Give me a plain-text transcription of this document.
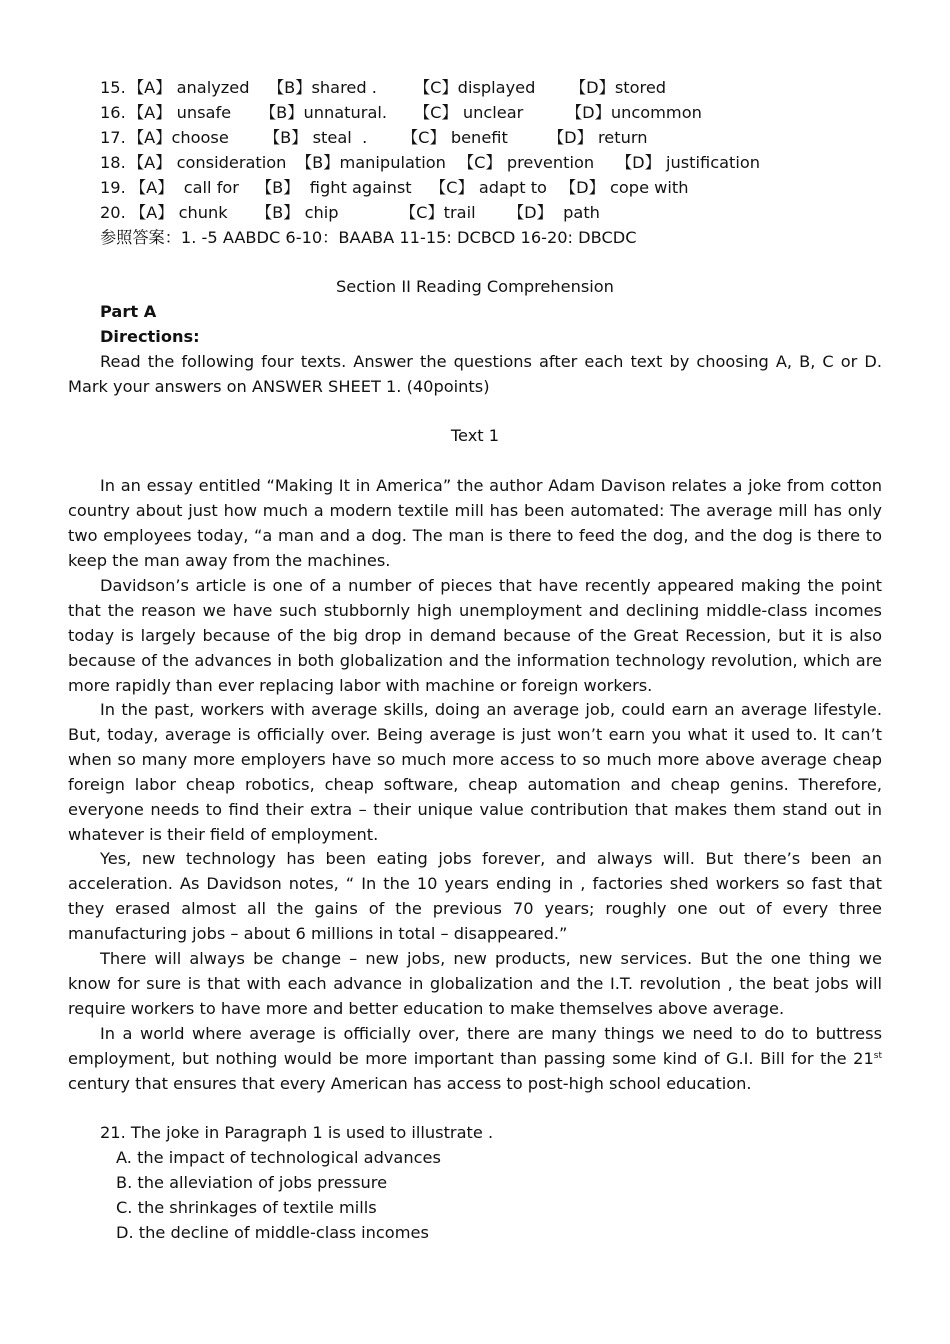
15.

【A】 analyzed

【B】shared .

【C】displayed

【D】stored

16.

【A】 unsafe

【B】unnatural.

【C】 unclear

	【D】uncommon

17.

【A】choose

【B】 steal  .

【C】 benefit

【D】 return

18.

【A】 consideration

【B】manipulation

【C】 prevention

【D】 justification

19.

【A】  call for

【B】  fight against

【C】 adapt to

【D】 cope with

20.

【A】 chunk

【B】 chip

	【C】trail

【D】  path

参照答案：1. -5 AABDC 6-10：BAABA 11-15: DCBCD 16-20: DBCDC
Section II Reading Comprehension
Part A
Directions:

Read the following four texts. Answer the questions after each text by choosing A, B, C or D. Mark your answers on ANSWER SHEET 1. (40points)

Text 1

In an essay entitled “Making It in America” the author Adam Davison relates a joke from cotton country about just how much a modern textile mill has been automated: The average mill has only two employees today, “a man and a dog. The man is there to feed the dog, and the dog is there to keep the man away from the machines.

Davidson’s article is one of a number of pieces that have recently appeared making the point that the reason we have such stubbornly high unemployment and declining middle-class incomes today is largely because of the big drop in demand because of the Great Recession, but it is also because of the advances in both globalization and the information technology revolution, which are more rapidly than ever replacing labor with machine or foreign workers.

In the past, workers with average skills, doing an average job, could earn an average lifestyle. But, today, average is officially over. Being average is just won’t earn you what it used to. It can’t when so many more employers have so much more access to so much more above average cheap foreign labor cheap robotics, cheap software, cheap automation and cheap genins. Therefore, everyone needs to find their extra – their unique value contribution that makes them stand out in whatever is their field of employment.

Yes, new technology has been eating jobs forever, and always will. But there’s been an acceleration. As Davidson notes, “ In the 10 years ending in , factories shed workers so fast that they erased almost all the gains of the previous 70 years; roughly one out of every three manufacturing jobs – about 6 millions in total – disappeared.”

There will always be change – new jobs, new products, new services. But the one thing we know for sure is that with each advance in globalization and the I.T. revolution , the beat jobs will require workers to have more and better education to make themselves above average.

In a world where average is officially over, there are many things we need to do to buttress employment, but nothing would be more important than passing some kind of G.I. Bill for the 21st century that ensures that every American has access to post-high school education.

21. The joke in Paragraph 1 is used to illustrate .
A. the impact of technological advances
B. the alleviation of jobs pressure
C. the shrinkages of textile mills
D. the decline of middle-class incomes
